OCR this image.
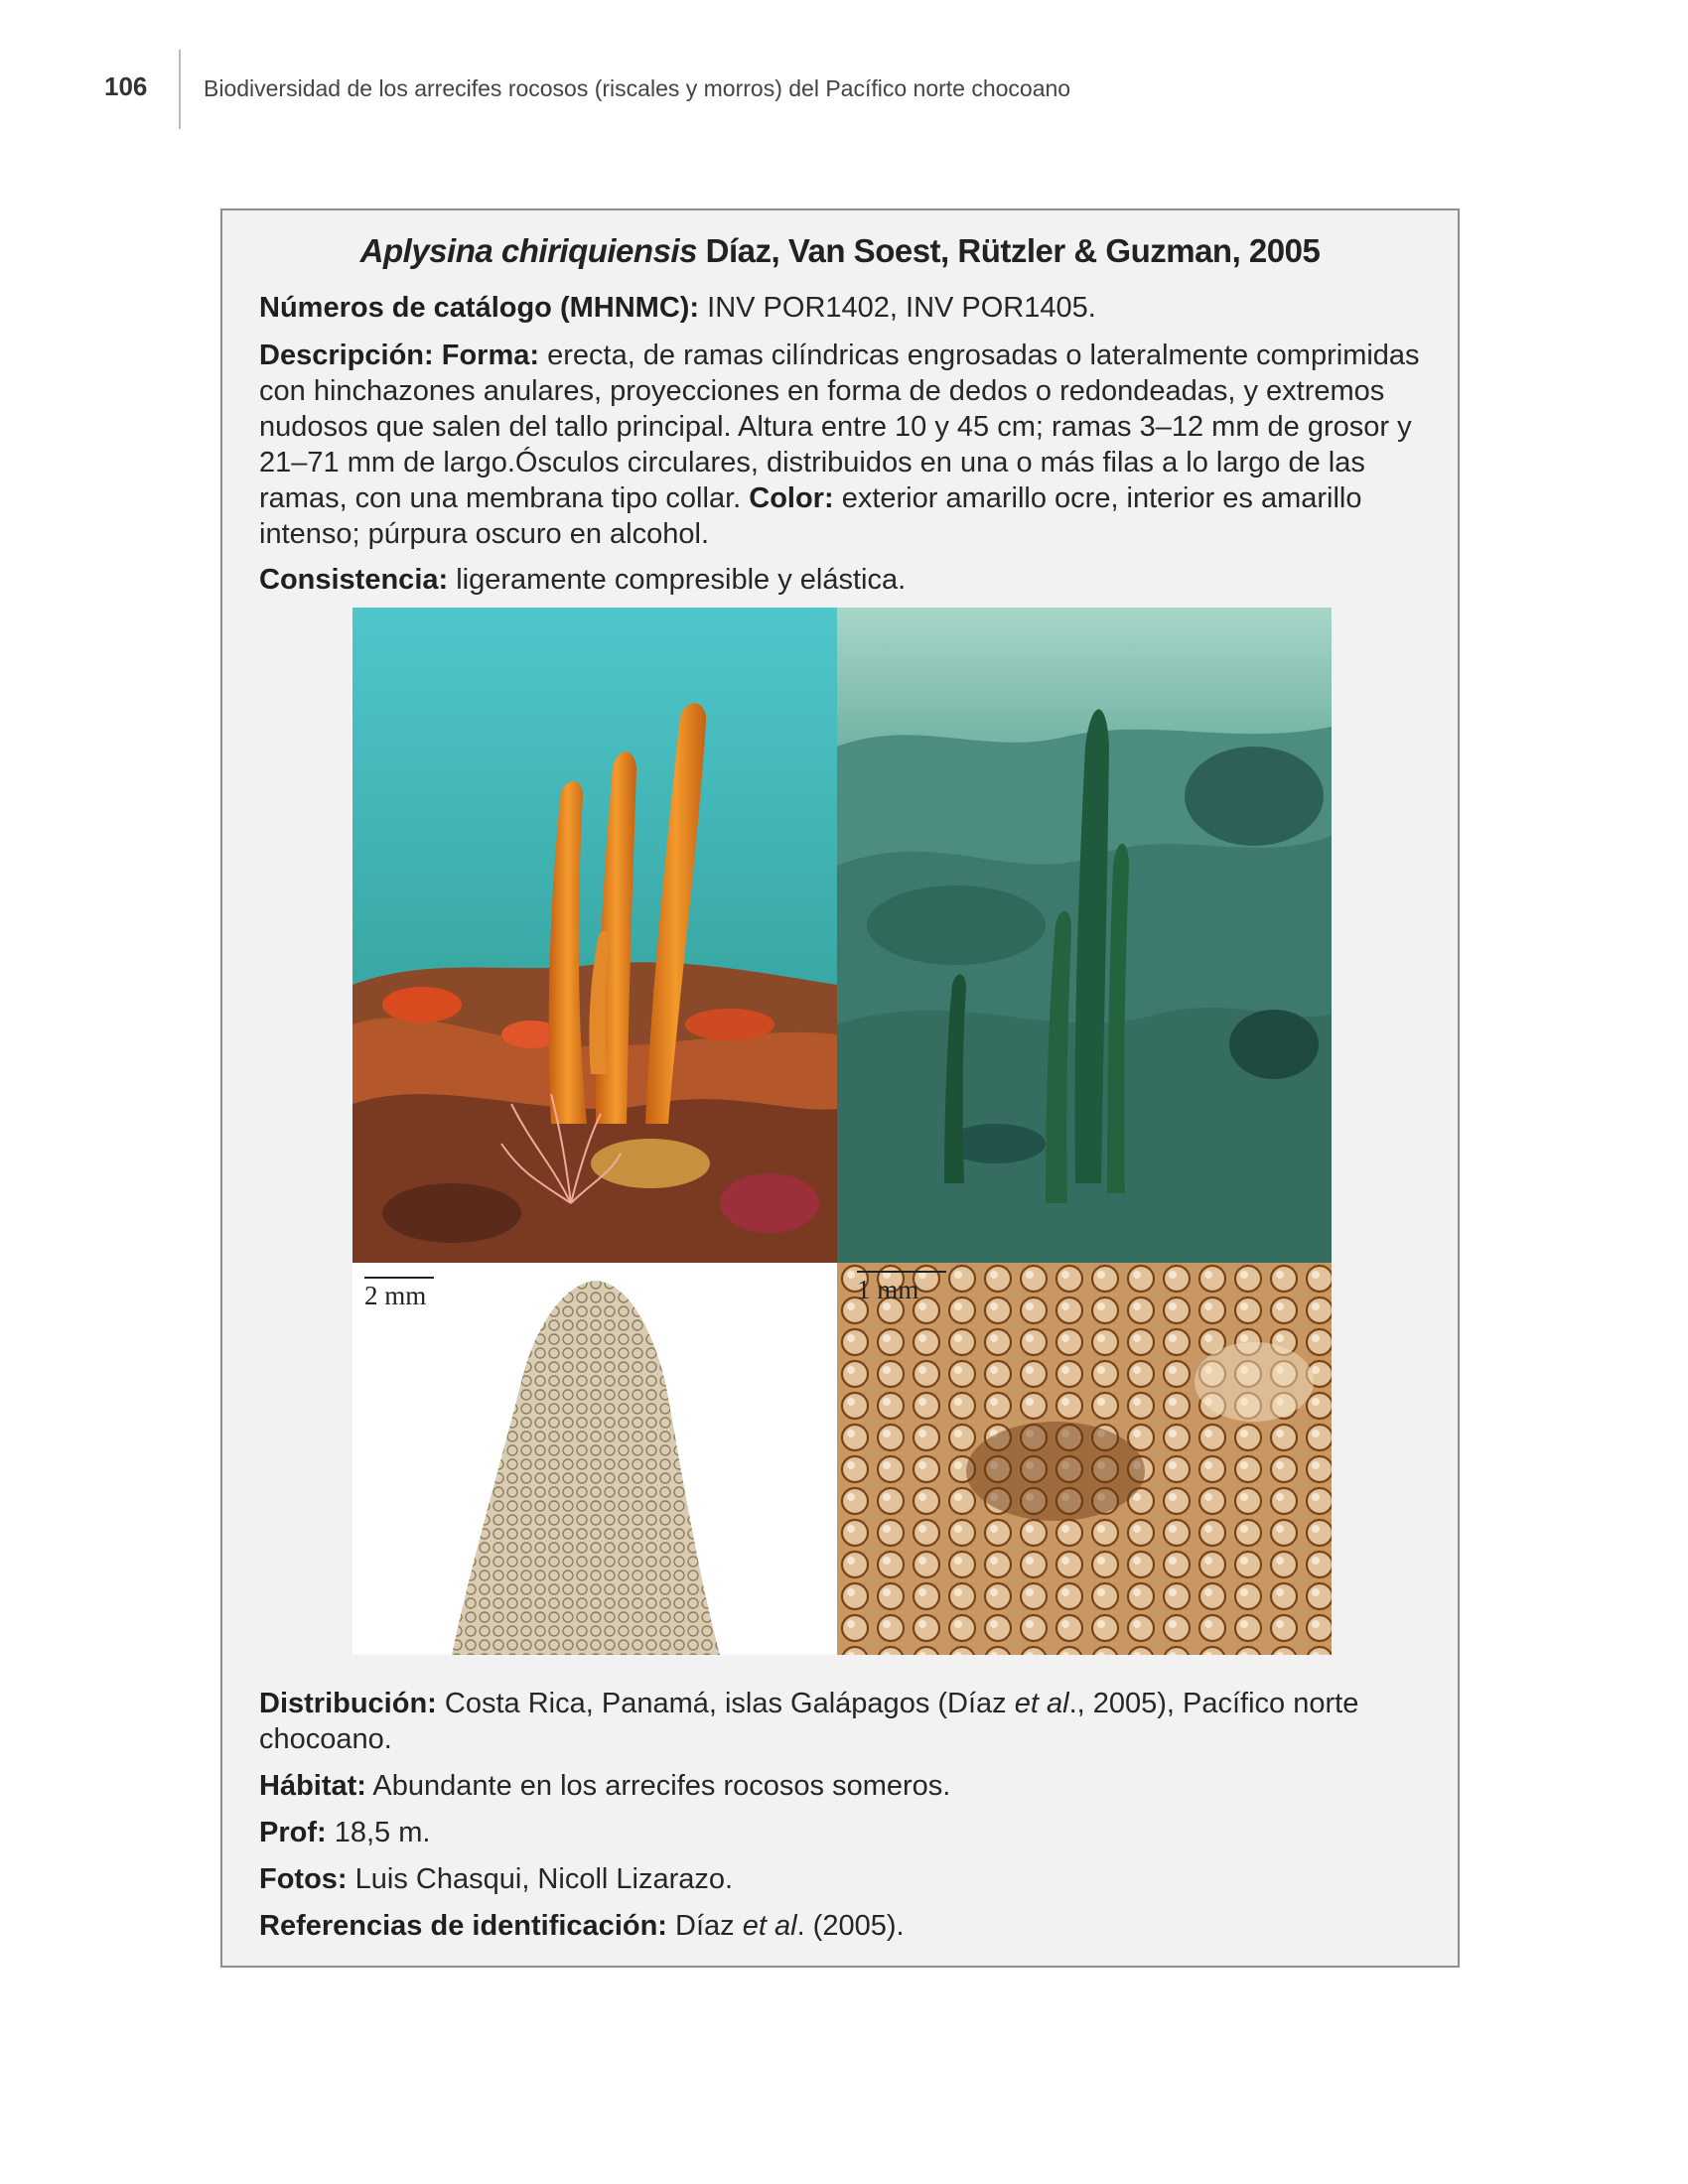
106 Biodiversidad de los arrecifes rocosos (riscales y morros) del Pacífico norte chocoano
Aplysina chiriquiensis Díaz, Van Soest, Rützler & Guzman, 2005
Números de catálogo (MHNMC): INV POR1402, INV POR1405.
Descripción: Forma: erecta, de ramas cilíndricas engrosadas o lateralmente comprimidas con hinchazones anulares, proyecciones en forma de dedos o redondeadas, y extremos nudosos que salen del tallo principal. Altura entre 10 y 45 cm; ramas 3–12 mm de grosor y 21–71 mm de largo.Ósculos circulares, distribuidos en una o más filas a lo largo de las ramas, con una membrana tipo collar. Color: exterior amarillo ocre, interior es amarillo intenso; púrpura oscuro en alcohol.
Consistencia: ligeramente compresible y elástica.
2 mm	1 mm
Distribución: Costa Rica, Panamá, islas Galápagos (Díaz et al., 2005), Pacífico norte chocoano.
Hábitat: Abundante en los arrecifes rocosos someros.
Prof: 18,5 m.
Fotos: Luis Chasqui, Nicoll Lizarazo.
Referencias de identificación: Díaz et al. (2005).
